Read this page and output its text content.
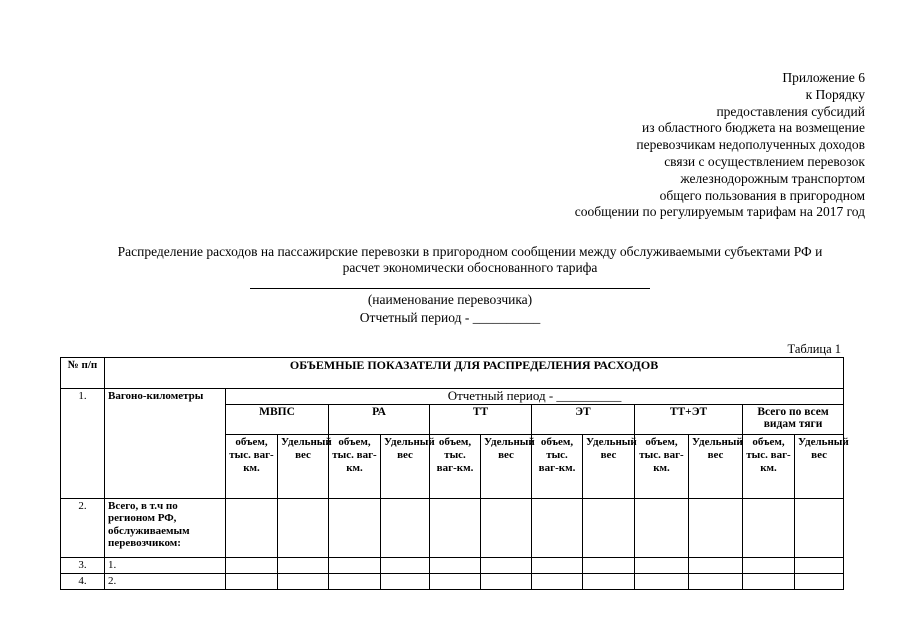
Приложение 6
к Порядку
предоставления субсидий
из областного бюджета на возмещение
перевозчикам недополученных доходов
связи с осуществлением перевозок
железнодорожным транспортом
общего пользования в пригородном
сообщении по регулируемым тарифам на 2017 год
Распределение расходов на пассажирские перевозки в пригородном сообщении между обслуживаемыми субъектами РФ и
расчет экономически обоснованного тарифа
(наименование перевозчика)
Отчетный период - __________
Таблица 1
№ п/п	ОБЪЕМНЫЕ ПОКАЗАТЕЛИ ДЛЯ РАСПРЕДЕЛЕНИЯ РАСХОДОВ												
1.	Вагоно-километры	Отчетный период - __________											
		МВПС		РА		ТТ		ЭТ		ТТ+ЭТ		Всего по всем видам тяги	
		объем, тыс. ваг-км.	Удельный вес	объем, тыс. ваг-км.	Удельный вес	объем, тыс. ваг-км.	Удельный вес	объем, тыс. ваг-км.	Удельный вес	объем, тыс. ваг-км.	Удельный вес	объем, тыс. ваг-км.	Удельный вес
2.	Всего, в т.ч по регионом РФ, обслуживаемым перевозчиком:												
3.	1.												
4.	2.												
